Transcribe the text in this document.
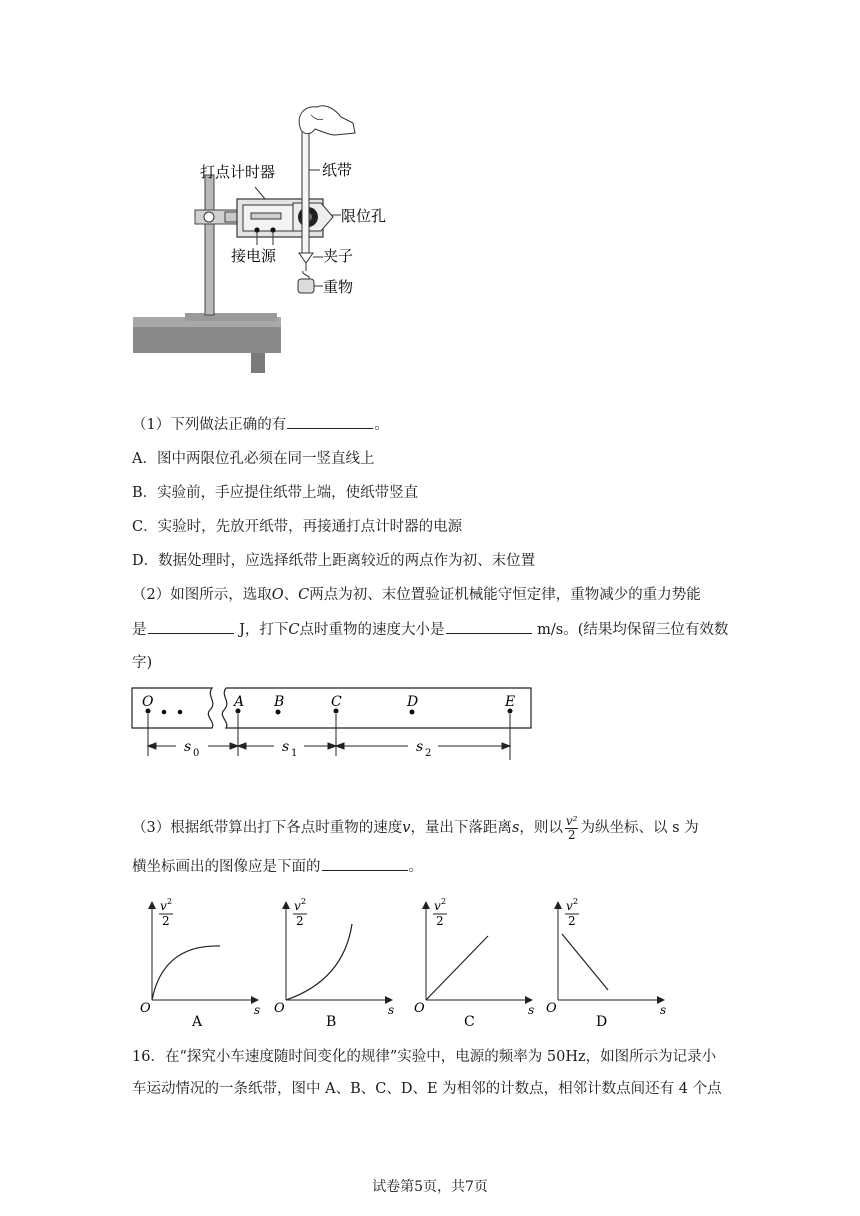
打点计时器	纸带
限位孔
接电源	夹子
重物
（1）下列做法正确的有	。
A．图中两限位孔必须在同一竖直线上
B．实验前，手应提住纸带上端，使纸带竖直
C．实验时，先放开纸带，再接通打点计时器的电源
D．数据处理时，应选择纸带上距离较近的两点作为初、末位置
（2）如图所示，选取O、C两点为初、末位置验证机械能守恒定律，重物减少的重力势能
是	J，打下C点时重物的速度大小是	m/s。(结果均保留三位有效数
字)
O	A B	C	D	E
s 0	s 1	s 2
（3）根据纸带算出打下各点时重物的速度v，量出下落距离s，则以 $\frac{\text{v²}}{2}$ 为纵坐标、以 s 为
横坐标画出的图像应是下面的	。
v 2
2
O	s
A
v 2
2
O	s
B
v 2
2
O	s
C
v 2
2
O	s
D
16．在“探究小车速度随时间变化的规律”实验中，电源的频率为 50Hz，如图所示为记录小
车运动情况的一条纸带，图中 A、B、C、D、E 为相邻的计数点，相邻计数点间还有 4 个点
试卷第5页，共7页
